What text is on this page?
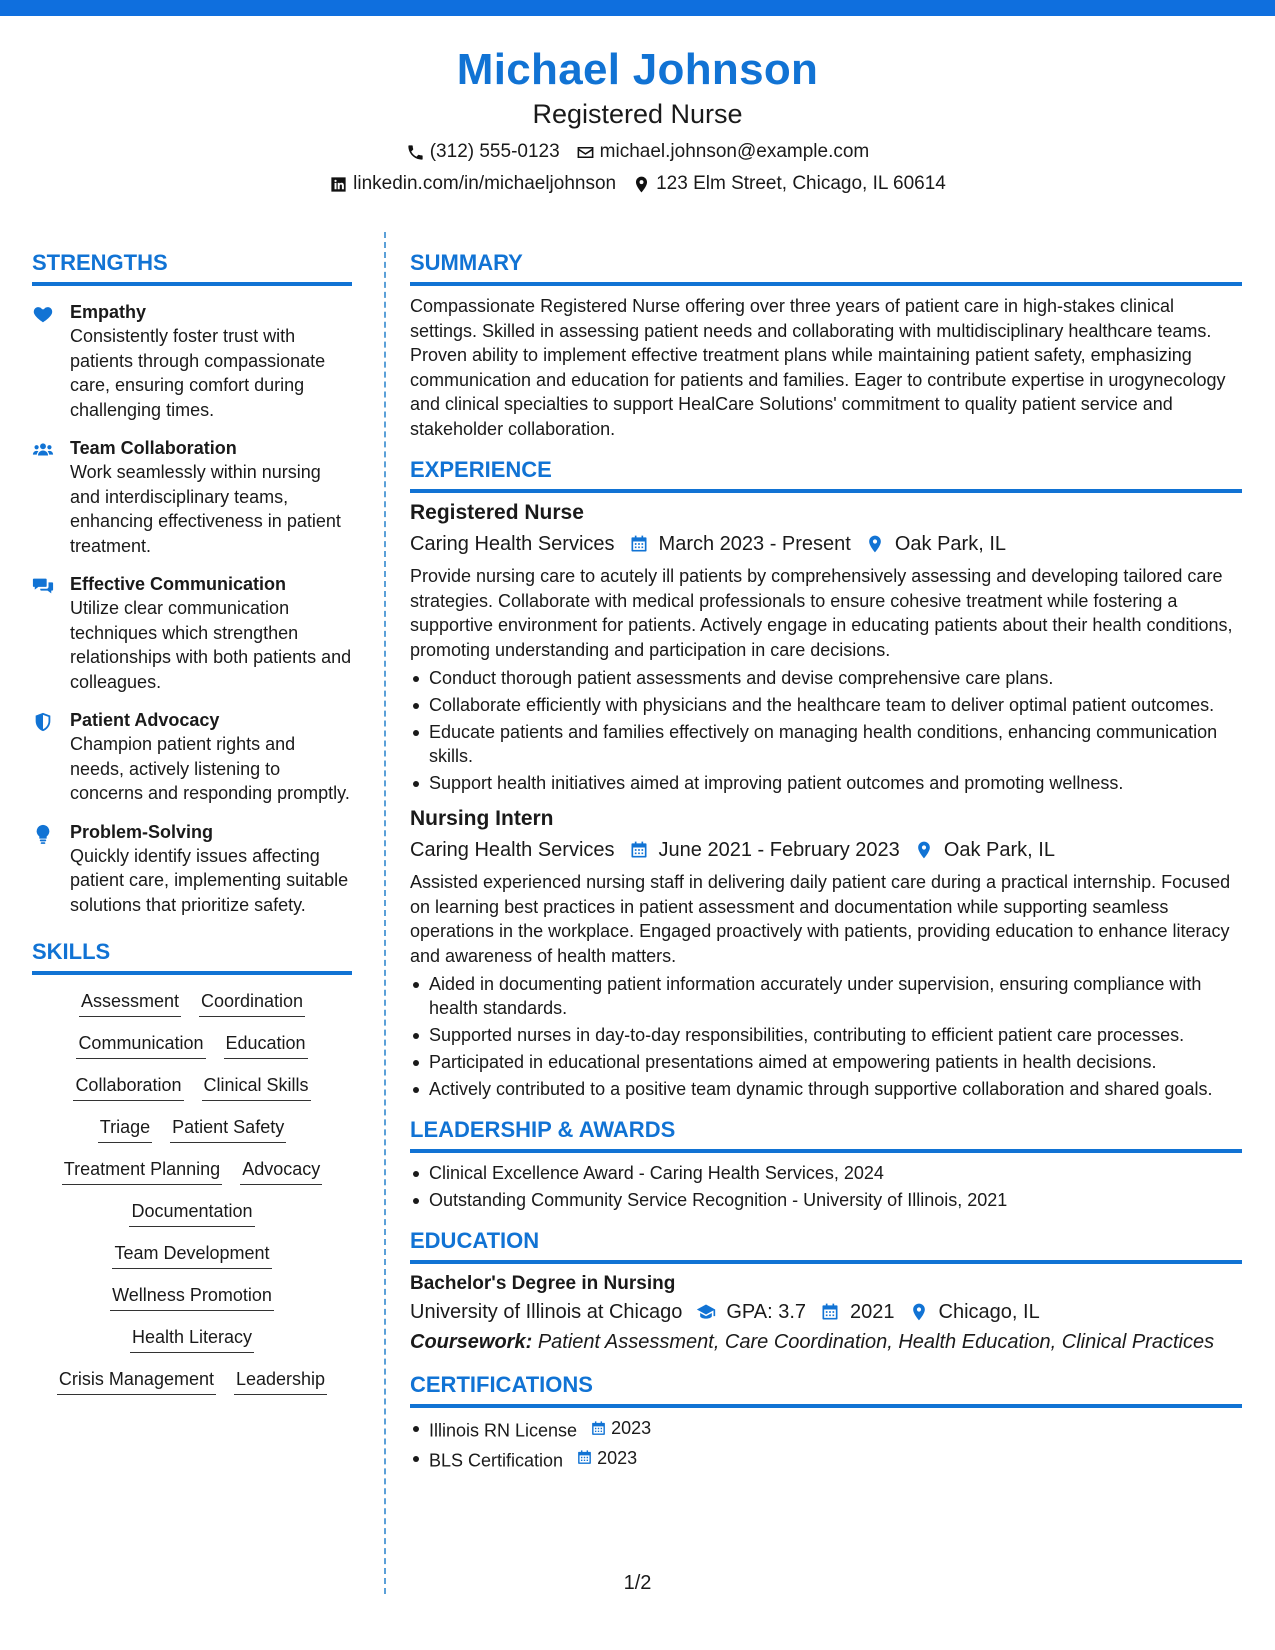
Michael Johnson
Registered Nurse
(312) 555-0123 michael.johnson@example.com
linkedin.com/in/michaeljohnson 123 Elm Street, Chicago, IL 60614
STRENGTHS
Empathy
Consistently foster trust with patients through compassionate care, ensuring comfort during challenging times.
Team Collaboration
Work seamlessly within nursing and interdisciplinary teams, enhancing effectiveness in patient treatment.
Effective Communication
Utilize clear communication techniques which strengthen relationships with both patients and colleagues.
Patient Advocacy
Champion patient rights and needs, actively listening to concerns and responding promptly.
Problem-Solving
Quickly identify issues affecting patient care, implementing suitable solutions that prioritize safety.
SKILLS
Assessment Coordination
Communication Education
Collaboration Clinical Skills
Triage Patient Safety
Treatment Planning Advocacy
Documentation
Team Development
Wellness Promotion
Health Literacy
Crisis Management Leadership
SUMMARY
Compassionate Registered Nurse offering over three years of patient care in high-stakes clinical settings. Skilled in assessing patient needs and collaborating with multidisciplinary healthcare teams. Proven ability to implement effective treatment plans while maintaining patient safety, emphasizing communication and education for patients and families. Eager to contribute expertise in urogynecology and clinical specialties to support HealCare Solutions' commitment to quality patient service and stakeholder collaboration.
EXPERIENCE
Registered Nurse
Caring Health Services March 2023 - Present Oak Park, IL
Provide nursing care to acutely ill patients by comprehensively assessing and developing tailored care strategies. Collaborate with medical professionals to ensure cohesive treatment while fostering a supportive environment for patients. Actively engage in educating patients about their health conditions, promoting understanding and participation in care decisions.
Conduct thorough patient assessments and devise comprehensive care plans.
Collaborate efficiently with physicians and the healthcare team to deliver optimal patient outcomes.
Educate patients and families effectively on managing health conditions, enhancing communication skills.
Support health initiatives aimed at improving patient outcomes and promoting wellness.
Nursing Intern
Caring Health Services June 2021 - February 2023 Oak Park, IL
Assisted experienced nursing staff in delivering daily patient care during a practical internship. Focused on learning best practices in patient assessment and documentation while supporting seamless operations in the workplace. Engaged proactively with patients, providing education to enhance literacy and awareness of health matters.
Aided in documenting patient information accurately under supervision, ensuring compliance with health standards.
Supported nurses in day-to-day responsibilities, contributing to efficient patient care processes.
Participated in educational presentations aimed at empowering patients in health decisions.
Actively contributed to a positive team dynamic through supportive collaboration and shared goals.
LEADERSHIP & AWARDS
Clinical Excellence Award - Caring Health Services, 2024
Outstanding Community Service Recognition - University of Illinois, 2021
EDUCATION
Bachelor's Degree in Nursing
University of Illinois at Chicago GPA: 3.7 2021 Chicago, IL
Coursework: Patient Assessment, Care Coordination, Health Education, Clinical Practices
CERTIFICATIONS
Illinois RN License 2023
BLS Certification 2023
1/2
